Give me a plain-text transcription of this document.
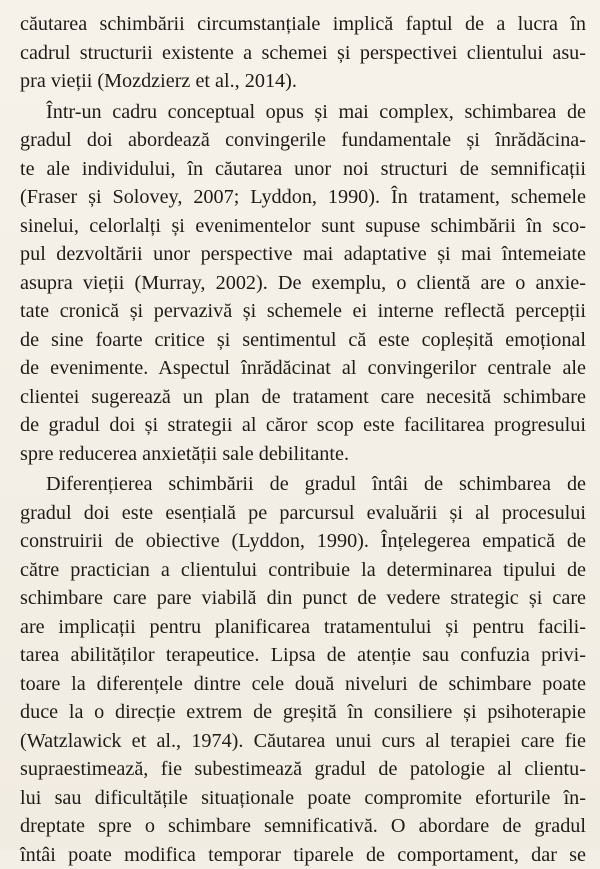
căutarea schimbării circumstanțiale implică faptul de a lucra în
cadrul structurii existente a schemei și perspectivei clientului asu-
pra vieții (Mozdzierz et al., 2014).
Într-un cadru conceptual opus și mai complex, schimbarea de
gradul doi abordează convingerile fundamentale și înrădăcina-
te ale individului, în căutarea unor noi structuri de semnificații
(Fraser și Solovey, 2007; Lyddon, 1990). În tratament, schemele
sinelui, celorlalți și evenimentelor sunt supuse schimbării în sco-
pul dezvoltării unor perspective mai adaptative și mai întemeiate
asupra vieții (Murray, 2002). De exemplu, o clientă are o anxie-
tate cronică și pervazivă și schemele ei interne reflectă percepții
de sine foarte critice și sentimentul că este copleșită emoțional
de evenimente. Aspectul înrădăcinat al convingerilor centrale ale
clientei sugerează un plan de tratament care necesită schimbare
de gradul doi și strategii al căror scop este facilitarea progresului
spre reducerea anxietății sale debilitante.
Diferențierea schimbării de gradul întâi de schimbarea de
gradul doi este esențială pe parcursul evaluării și al procesului
construirii de obiective (Lyddon, 1990). Înțelegerea empatică de
către practician a clientului contribuie la determinarea tipului de
schimbare care pare viabilă din punct de vedere strategic și care
are implicații pentru planificarea tratamentului și pentru facili-
tarea abilităților terapeutice. Lipsa de atenție sau confuzia privi-
toare la diferențele dintre cele două niveluri de schimbare poate
duce la o direcție extrem de greșită în consiliere și psihoterapie
(Watzlawick et al., 1974). Căutarea unui curs al terapiei care fie
supraestimează, fie subestimează gradul de patologie al clientu-
lui sau dificultățile situaționale poate compromite eforturile în-
dreptate spre o schimbare semnificativă. O abordare de gradul
întâi poate modifica temporar tiparele de comportament, dar se
